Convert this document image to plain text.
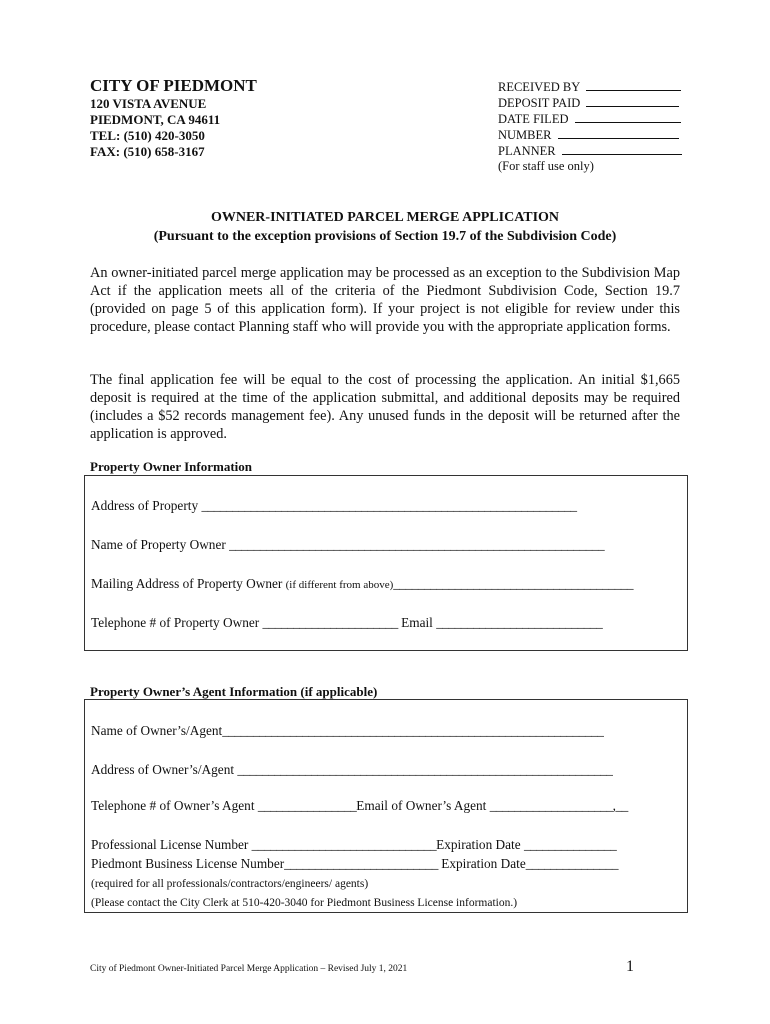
CITY OF PIEDMONT
120 VISTA AVENUE
PIEDMONT, CA 94611
TEL: (510) 420-3050
FAX: (510) 658-3167
RECEIVED BY
DEPOSIT PAID
DATE FILED
NUMBER
PLANNER
(For staff use only)
OWNER-INITIATED PARCEL MERGE APPLICATION
(Pursuant to the exception provisions of Section 19.7 of the Subdivision Code)
An owner-initiated parcel merge application may be processed as an exception to the Subdivision Map Act if the application meets all of the criteria of the Piedmont Subdivision Code, Section 19.7 (provided on page 5 of this application form). If your project is not eligible for review under this procedure, please contact Planning staff who will provide you with the appropriate application forms.
The final application fee will be equal to the cost of processing the application. An initial $1,665 deposit is required at the time of the application submittal, and additional deposits may be required (includes a $52 records management fee). Any unused funds in the deposit will be returned after the application is approved.
Property Owner Information
Address of Property _____________________________________________________________
Name of Property Owner _____________________________________________________________
Mailing Address of Property Owner (if different from above)_______________________________________
Telephone # of Property Owner ______________________ Email ___________________________
Property Owner’s Agent Information (if applicable)
Name of Owner’s/Agent______________________________________________________________
Address of Owner’s/Agent _____________________________________________________________
Telephone # of Owner’s Agent ________________Email of Owner’s Agent ____________________,__
Professional License Number ______________________________Expiration Date _______________
Piedmont Business License Number_________________________ Expiration Date_______________
(required for all professionals/contractors/engineers/ agents)
(Please contact the City Clerk at 510-420-3040 for Piedmont Business License information.)
City of Piedmont Owner-Initiated Parcel Merge Application – Revised July 1, 2021	1
